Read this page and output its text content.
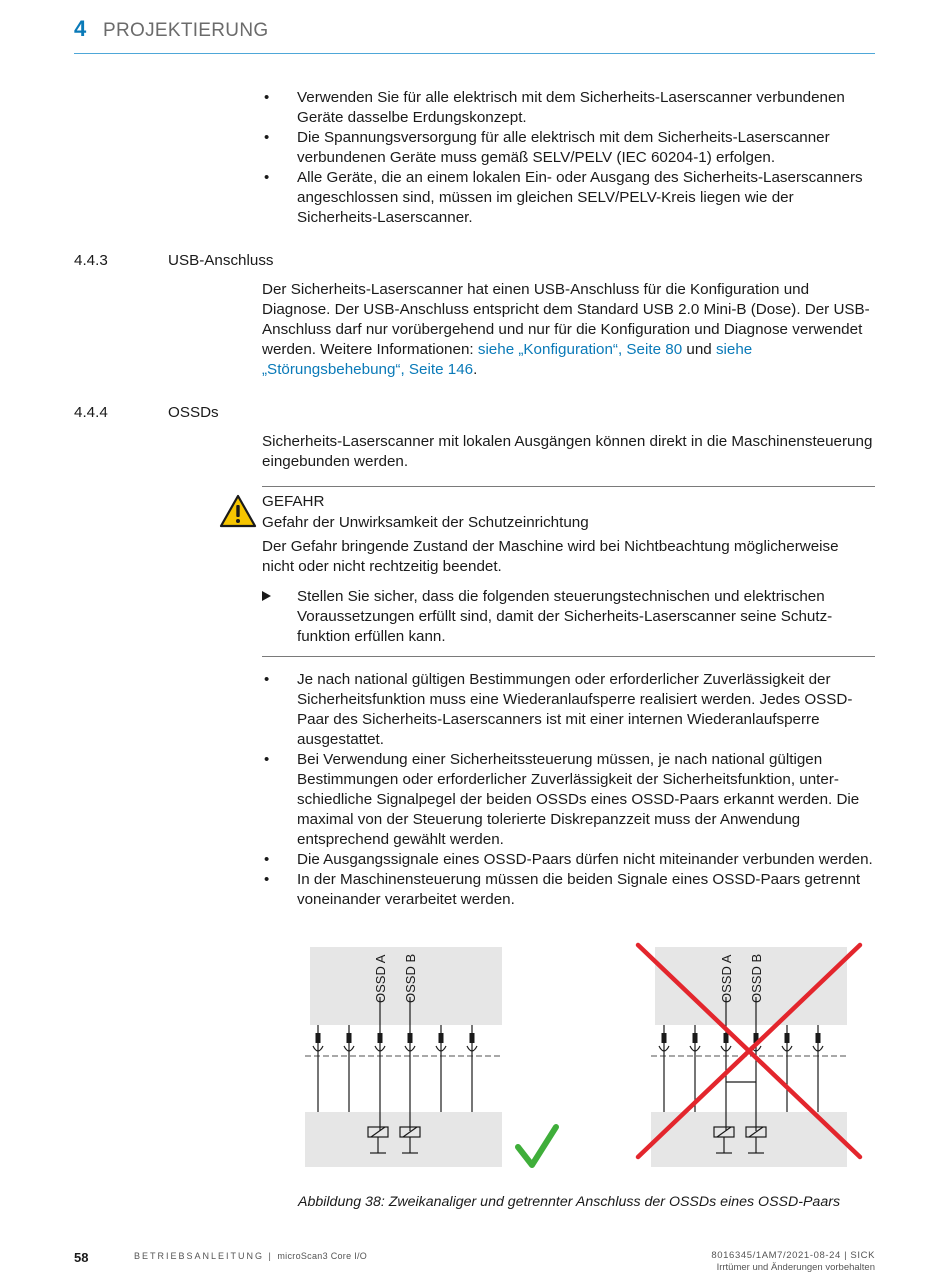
4 PROJEKTIERUNG
• Verwenden Sie für alle elektrisch mit dem Sicherheits-Laserscanner verbundenen Geräte dasselbe Erdungskonzept.
• Die Spannungsversorgung für alle elektrisch mit dem Sicherheits-Laserscanner verbundenen Geräte muss gemäß SELV/PELV (IEC 60204-1) erfolgen.
• Alle Geräte, die an einem lokalen Ein- oder Ausgang des Sicherheits-Laserscanners angeschlossen sind, müssen im gleichen SELV/PELV-Kreis liegen wie der Sicherheits-Laserscanner.
4.4.3	USB-Anschluss
Der Sicherheits-Laserscanner hat einen USB-Anschluss für die Konfiguration und Diagnose. Der USB-Anschluss entspricht dem Standard USB 2.0 Mini-B (Dose). Der USB-Anschluss darf nur vorübergehend und nur für die Konfiguration und Diagnose verwendet werden. Weitere Informationen: siehe „Konfiguration“, Seite 80 und siehe „Störungsbehebung“, Seite 146.
4.4.4	OSSDs
Sicherheits-Laserscanner mit lokalen Ausgängen können direkt in die Maschinensteuerung eingebunden werden.
GEFAHR
Gefahr der Unwirksamkeit der Schutzeinrichtung
Der Gefahr bringende Zustand der Maschine wird bei Nichtbeachtung möglicherweise nicht oder nicht rechtzeitig beendet.
Stellen Sie sicher, dass die folgenden steuerungstechnischen und elektrischen Voraussetzungen erfüllt sind, damit der Sicherheits-Laserscanner seine Schutzfunktion erfüllen kann.
• Je nach national gültigen Bestimmungen oder erforderlicher Zuverlässigkeit der Sicherheitsfunktion muss eine Wiederanlaufsperre realisiert werden. Jedes OSSD-Paar des Sicherheits-Laserscanners ist mit einer internen Wiederanlaufsperre ausgestattet.
• Bei Verwendung einer Sicherheitssteuerung müssen, je nach national gültigen Bestimmungen oder erforderlicher Zuverlässigkeit der Sicherheitsfunktion, unterschiedliche Signalpegel der beiden OSSDs eines OSSD-Paars erkannt werden. Die maximal von der Steuerung tolerierte Diskrepanzzeit muss der Anwendung entsprechend gewählt werden.
• Die Ausgangssignale eines OSSD-Paars dürfen nicht miteinander verbunden werden.
• In der Maschinensteuerung müssen die beiden Signale eines OSSD-Paars getrennt voneinander verarbeitet werden.
OSSD A OSSD B	OSSD A OSSD B
Abbildung 38: Zweikanaliger und getrennter Anschluss der OSSDs eines OSSD-Paars
58	BETRIEBSANLEITUNG | microScan3 Core I/O	8016345/1AM7/2021-08-24 | SICK
Irrtümer und Änderungen vorbehalten
